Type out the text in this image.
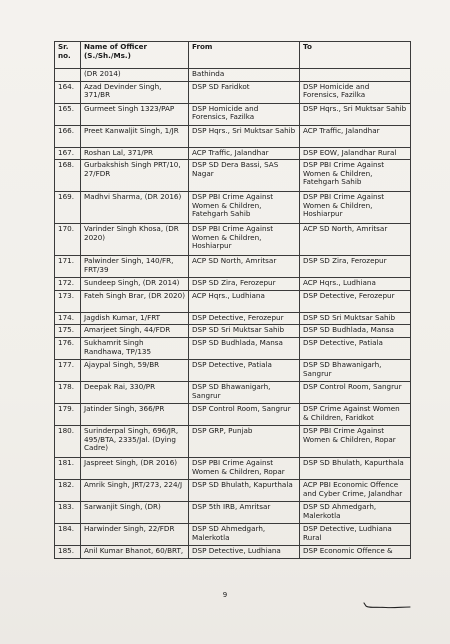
Sr. no.	Name of Officer (S./Sh./Ms.)	From	To
	(DR 2014)	Bathinda	
164.	Azad Devinder Singh, 371/BR	DSP SD Faridkot	DSP Homicide and Forensics, Fazilka
165.	Gurmeet Singh 1323/PAP	DSP Homicide and Forensics, Fazilka	DSP Hqrs., Sri Muktsar Sahib
166.	Preet Kanwaljit Singh, 1/JR	DSP Hqrs., Sri Muktsar Sahib	ACP Traffic, Jalandhar
167.	Roshan Lal, 371/PR	ACP Traffic, Jalandhar	DSP EOW, Jalandhar Rural
168.	Gurbakshish Singh PRT/10, 27/FDR	DSP SD Dera Bassi, SAS Nagar	DSP PBI Crime Against Women & Children, Fatehgarh Sahib
169.	Madhvi Sharma, (DR 2016)	DSP PBI Crime Against Women & Children, Fatehgarh Sahib	DSP PBI Crime Against Women & Children, Hoshiarpur
170.	Varinder Singh Khosa, (DR 2020)	DSP PBI Crime Against Women & Children, Hoshiarpur	ACP SD North, Amritsar
171.	Palwinder Singh, 140/FR, FRT/39	ACP SD North, Amritsar	DSP SD Zira, Ferozepur
172.	Sundeep Singh, (DR 2014)	DSP SD Zira, Ferozepur	ACP Hqrs., Ludhiana
173.	Fateh Singh Brar, (DR 2020)	ACP Hqrs., Ludhiana	DSP Detective, Ferozepur
174.	Jagdish Kumar, 1/FRT	DSP Detective, Ferozepur	DSP SD Sri Muktsar Sahib
175.	Amarjeet Singh, 44/FDR	DSP SD Sri Muktsar Sahib	DSP SD Budhlada, Mansa
176.	Sukhamrit Singh Randhawa, TP/135	DSP SD Budhlada, Mansa	DSP Detective, Patiala
177.	Ajaypal Singh, 59/BR	DSP Detective, Patiala	DSP SD Bhawanigarh, Sangrur
178.	Deepak Rai, 330/PR	DSP SD Bhawanigarh, Sangrur	DSP Control Room, Sangrur
179.	Jatinder Singh, 366/PR	DSP Control Room, Sangrur	DSP Crime Against Women & Children, Faridkot
180.	Surinderpal Singh, 696/JR, 495/BTA, 2335/Jal. (Dying Cadre)	DSP GRP, Punjab	DSP PBI Crime Against Women & Children, Ropar
181.	Jaspreet Singh, (DR 2016)	DSP PBI Crime Against Women & Children, Ropar	DSP SD Bhulath, Kapurthala
182.	Amrik Singh, JRT/273, 224/J	DSP SD Bhulath, Kapurthala	ACP PBI Economic Offence and Cyber Crime, Jalandhar
183.	Sarwanjit Singh, (DR)	DSP 5th IRB, Amritsar	DSP SD Ahmedgarh, Malerkotla
184.	Harwinder Singh, 22/FDR	DSP SD Ahmedgarh, Malerkotla	DSP Detective, Ludhiana Rural
185.	Anil Kumar Bhanot, 60/BRT,	DSP Detective, Ludhiana	DSP Economic Offence &
9
